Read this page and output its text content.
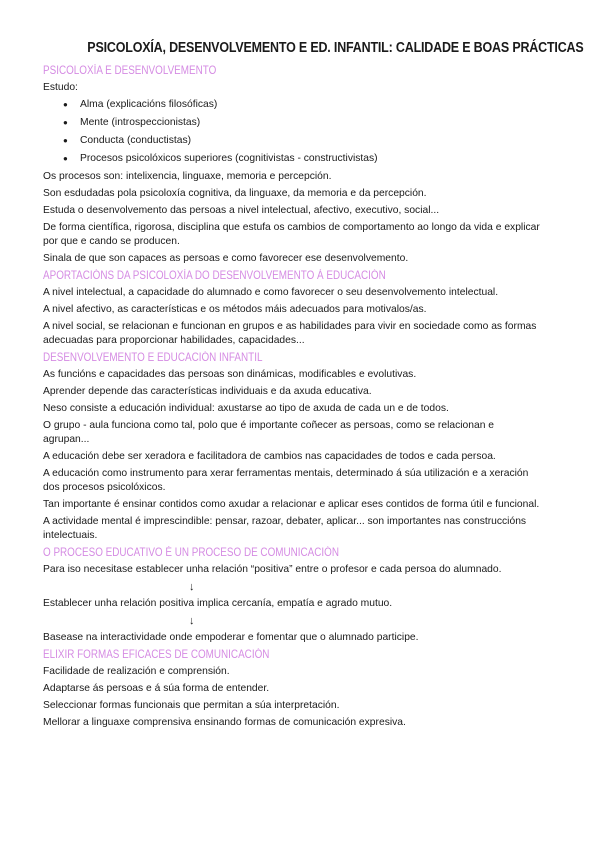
PSICOLOXÍA, DESENVOLVEMENTO E ED. INFANTIL: CALIDADE E BOAS PRÁCTICAS
PSICOLOXÍA E DESENVOLVEMENTO
Estudo:
● Alma (explicacións filosóficas)
● Mente (introspeccionistas)
● Conducta (conductistas)
● Procesos psicolóxicos superiores (cognitivistas - constructivistas)
Os procesos son: intelixencia, linguaxe, memoria e percepción.
Son esdudadas pola psicoloxía cognitiva, da linguaxe, da memoria e da percepción.
Estuda o desenvolvemento das persoas a nivel intelectual, afectivo, executivo, social...
De forma científica, rigorosa, disciplina que estufa os cambios de comportamento ao longo da vida e explicar por que e cando se producen.
Sinala de que son capaces as persoas e como favorecer ese desenvolvemento.
APORTACIÓNS DA PSICOLOXÍA DO DESENVOLVEMENTO Á EDUCACIÓN
A nivel intelectual, a capacidade do alumnado e como favorecer o seu desenvolvemento intelectual.
A nivel afectivo, as características e os métodos máis adecuados para motivalos/as.
A nivel social, se relacionan e funcionan en grupos e as habilidades para vivir en sociedade como as formas adecuadas para proporcionar habilidades, capacidades...
DESENVOLVEMENTO E EDUCACIÓN INFANTIL
As funcións e capacidades das persoas son dinámicas, modificables e evolutivas.
Aprender depende das características individuais e da axuda educativa.
Neso consiste a educación individual: axustarse ao tipo de axuda de cada un e de todos.
O grupo - aula funciona como tal, polo que é importante coñecer as persoas, como se relacionan e agrupan...
A educación debe ser xeradora e facilitadora de cambios nas capacidades de todos e cada persoa.
A educación como instrumento para xerar ferramentas mentais, determinado á súa utilización e a xeración dos procesos psicolóxicos.
Tan importante é ensinar contidos como axudar a relacionar e aplicar eses contidos de forma útil e funcional.
A actividade mental é imprescindible: pensar, razoar, debater, aplicar... son importantes nas construccións intelectuais.
O PROCESO EDUCATIVO É UN PROCESO DE COMUNICACIÓN
Para iso necesitase establecer unha relación “positiva” entre o profesor e cada persoa do alumnado.
↓
Establecer unha relación positiva implica cercanía, empatía e agrado mutuo.
↓
Basease na interactividade onde empoderar e fomentar que o alumnado participe.
ELIXIR FORMAS EFICACES DE COMUNICACIÓN
Facilidade de realización e comprensión.
Adaptarse ás persoas e á súa forma de entender.
Seleccionar formas funcionais que permitan a súa interpretación.
Mellorar a linguaxe comprensiva ensinando formas de comunicación expresiva.
